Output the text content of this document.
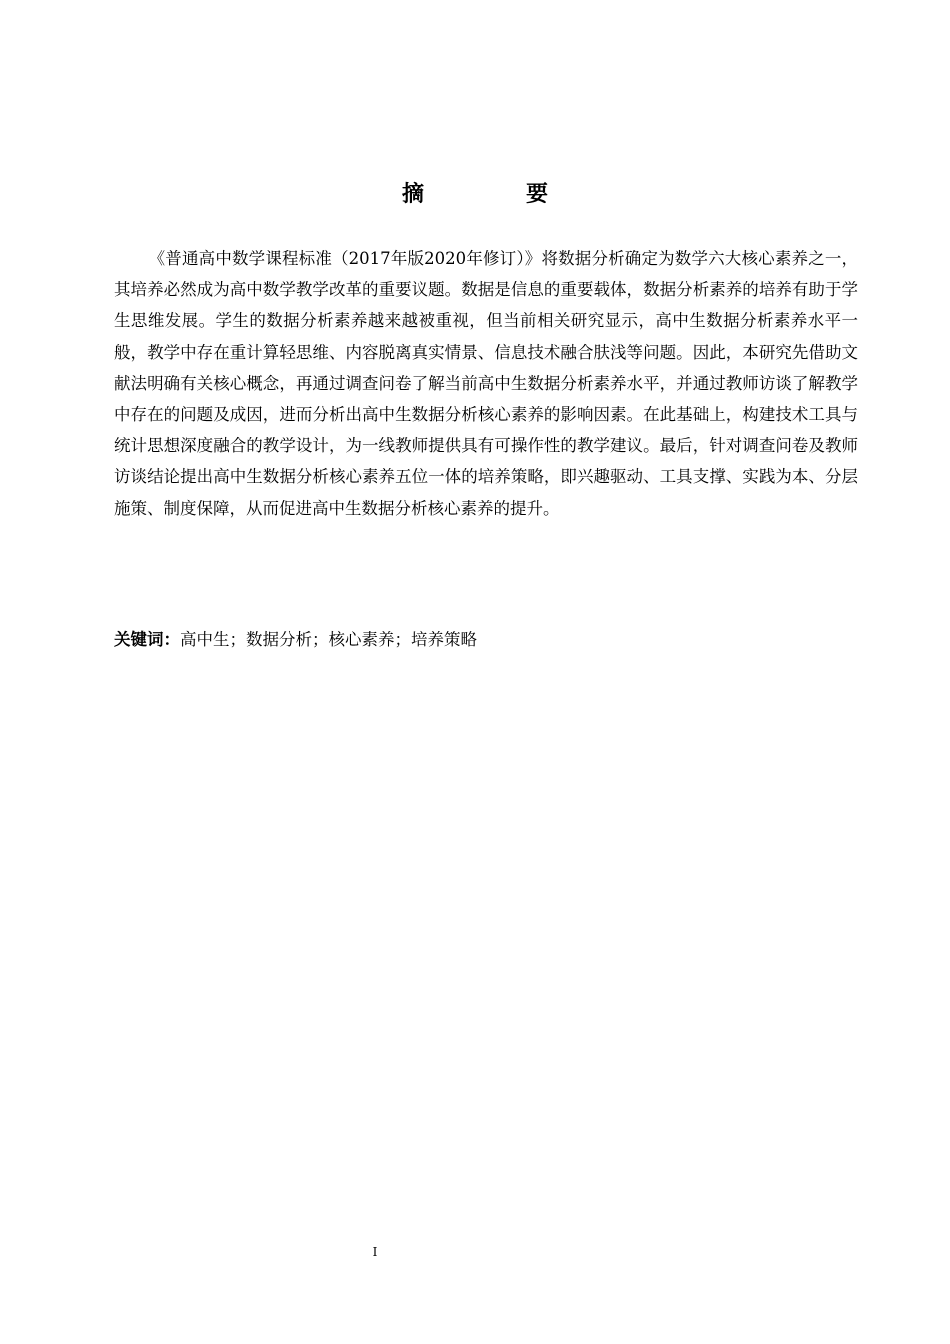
摘　要
《普通高中数学课程标准（2017年版2020年修订）》将数据分析确定为数学六大核心素养之一，其培养必然成为高中数学教学改革的重要议题。数据是信息的重要载体，数据分析素养的培养有助于学生思维发展。学生的数据分析素养越来越被重视，但当前相关研究显示，高中生数据分析素养水平一般，教学中存在重计算轻思维、内容脱离真实情景、信息技术融合肤浅等问题。因此，本研究先借助文献法明确有关核心概念，再通过调查问卷了解当前高中生数据分析素养水平，并通过教师访谈了解教学中存在的问题及成因，进而分析出高中生数据分析核心素养的影响因素。在此基础上，构建技术工具与统计思想深度融合的教学设计，为一线教师提供具有可操作性的教学建议。最后，针对调查问卷及教师访谈结论提出高中生数据分析核心素养五位一体的培养策略，即兴趣驱动、工具支撑、实践为本、分层施策、制度保障，从而促进高中生数据分析核心素养的提升。
关键词：高中生；数据分析；核心素养；培养策略
I
